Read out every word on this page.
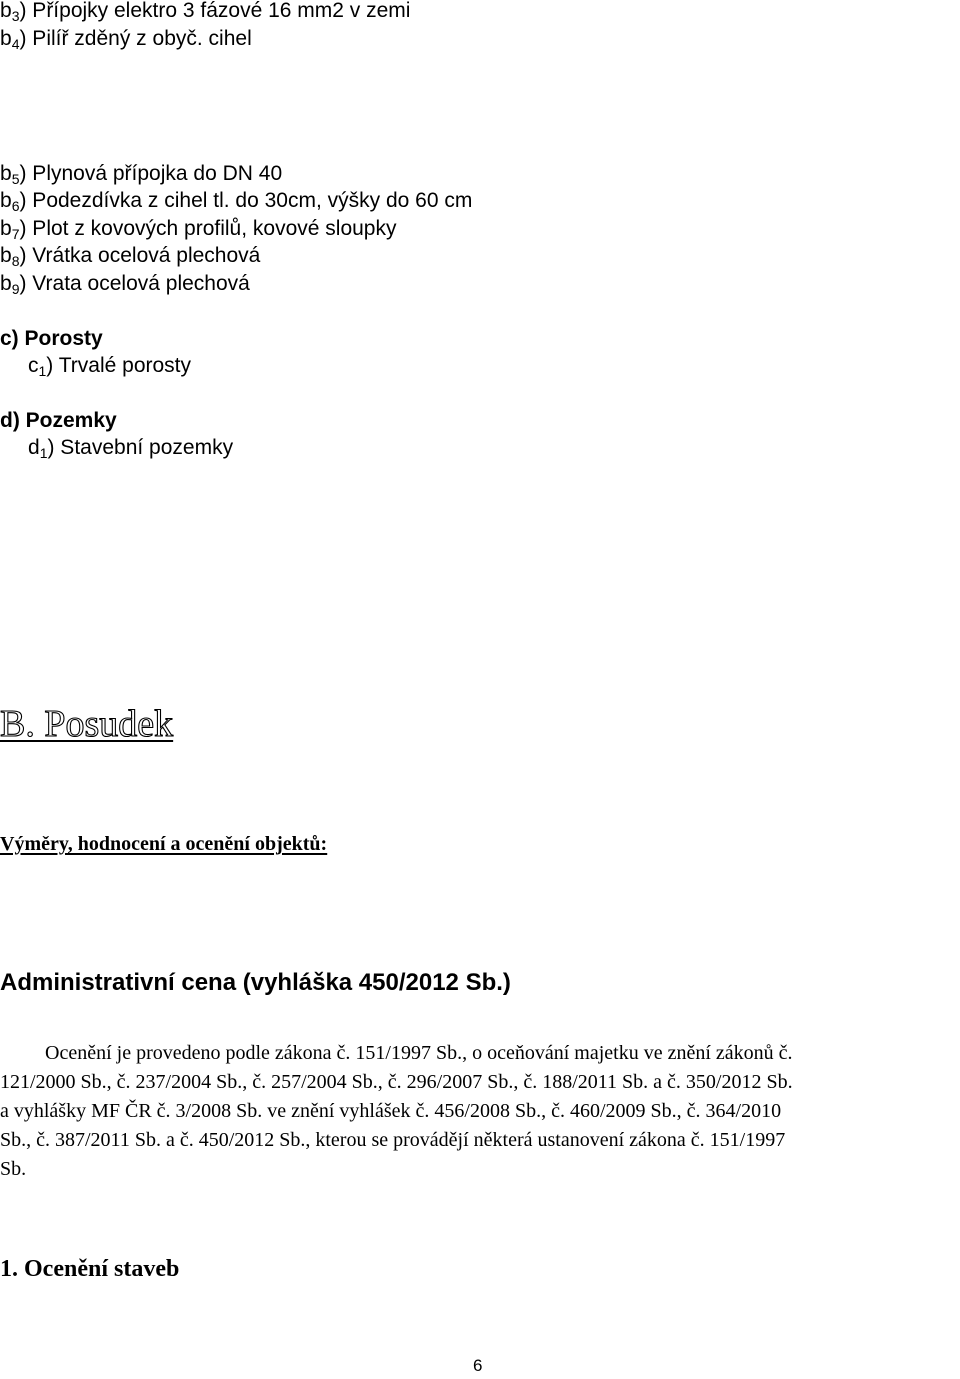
$b_3$) Přípojky elektro 3 fázové 16 mm2 v zemi
$b_4$) Pilíř zděný z obyč. cihel
$b_5$) Plynová přípojka do DN 40
$b_6$) Podezdívka z cihel tl. do 30cm, výšky do 60 cm
$b_7$) Plot z kovových profilů, kovové sloupky
$b_8$) Vrátka ocelová plechová
$b_9$) Vrata ocelová plechová
c) Porosty
$c_1$) Trvalé porosty
d) Pozemky
$d_1$) Stavební pozemky
B. Posudek
Výměry, hodnocení a ocenění objektů:
Administrativní cena (vyhláška 450/2012 Sb.)
Ocenění je provedeno podle zákona č. 151/1997 Sb., o oceňování majetku ve znění zákonů č.
121/2000 Sb., č. 237/2004 Sb., č. 257/2004 Sb., č. 296/2007 Sb., č. 188/2011 Sb. a č. 350/2012 Sb.
a vyhlášky MF ČR č. 3/2008 Sb. ve znění vyhlášek č. 456/2008 Sb., č. 460/2009 Sb., č. 364/2010
Sb., č. 387/2011 Sb. a č. 450/2012 Sb., kterou se provádějí některá ustanovení zákona č. 151/1997
Sb.
1. Ocenění staveb
6
